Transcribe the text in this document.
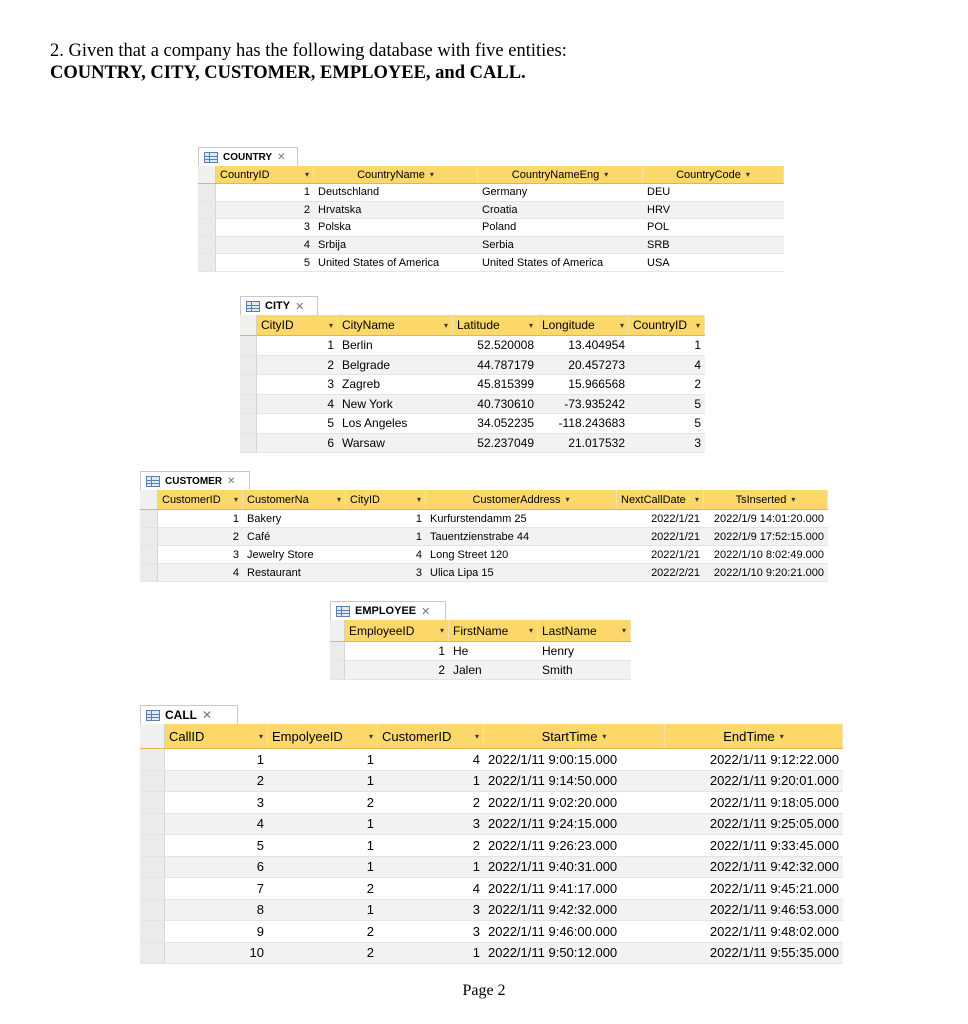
2. Given that a company has the following database with five entities:
COUNTRY, CITY, CUSTOMER, EMPLOYEE, and CALL.
COUNTRY ✕
CountryID	▾	CountryName ▾	CountryNameEng ▾	CountryCode ▾
1 Deutschland	Germany	DEU
2 Hrvatska	Croatia	HRV
3 Polska	Poland	POL
4 Srbija	Serbia	SRB
5 United States of America	United States of America	USA
CITY ✕
CityID	▾ CityName	▾ Latitude	▾ Longitude	▾ CountryID ▾
1 Berlin	52.520008	13.404954	1
2 Belgrade	44.787179	20.457273	4
3 Zagreb	45.815399	15.966568	2
4 New York	40.730610	-73.935242	5
5 Los Angeles	34.052235	-118.243683	5
6 Warsaw	52.237049	21.017532	3
CUSTOMER ✕
CustomerID ▾ CustomerNa	▾ CityID	▾	CustomerAddress ▾	NextCallDate ▾	TsInserted ▾
1 Bakery	1 Kurfurstendamm 25	2022/1/21	2022/1/9 14:01:20.000
2 Café	1 Tauentzienstrabe 44	2022/1/21	2022/1/9 17:52:15.000
3 Jewelry Store	4 Long Street 120	2022/1/21	2022/1/10 8:02:49.000
4 Restaurant	3 Ulica Lipa 15	2022/2/21	2022/1/10 9:20:21.000
EMPLOYEE ✕
EmployeeID	▾ FirstName	▾ LastName	▾
1 He	Henry
2 Jalen	Smith
CALL ✕
CallID	▾ EmpolyeeID	▾ CustomerID	▾	StartTime ▾	EndTime ▾
1	1	4 2022/1/11 9:00:15.000	2022/1/11 9:12:22.000
2	1	1 2022/1/11 9:14:50.000	2022/1/11 9:20:01.000
3	2	2 2022/1/11 9:02:20.000	2022/1/11 9:18:05.000
4	1	3 2022/1/11 9:24:15.000	2022/1/11 9:25:05.000
5	1	2 2022/1/11 9:26:23.000	2022/1/11 9:33:45.000
6	1	1 2022/1/11 9:40:31.000	2022/1/11 9:42:32.000
7	2	4 2022/1/11 9:41:17.000	2022/1/11 9:45:21.000
8	1	3 2022/1/11 9:42:32.000	2022/1/11 9:46:53.000
9	2	3 2022/1/11 9:46:00.000	2022/1/11 9:48:02.000
10	2	1 2022/1/11 9:50:12.000	2022/1/11 9:55:35.000
Page 2
